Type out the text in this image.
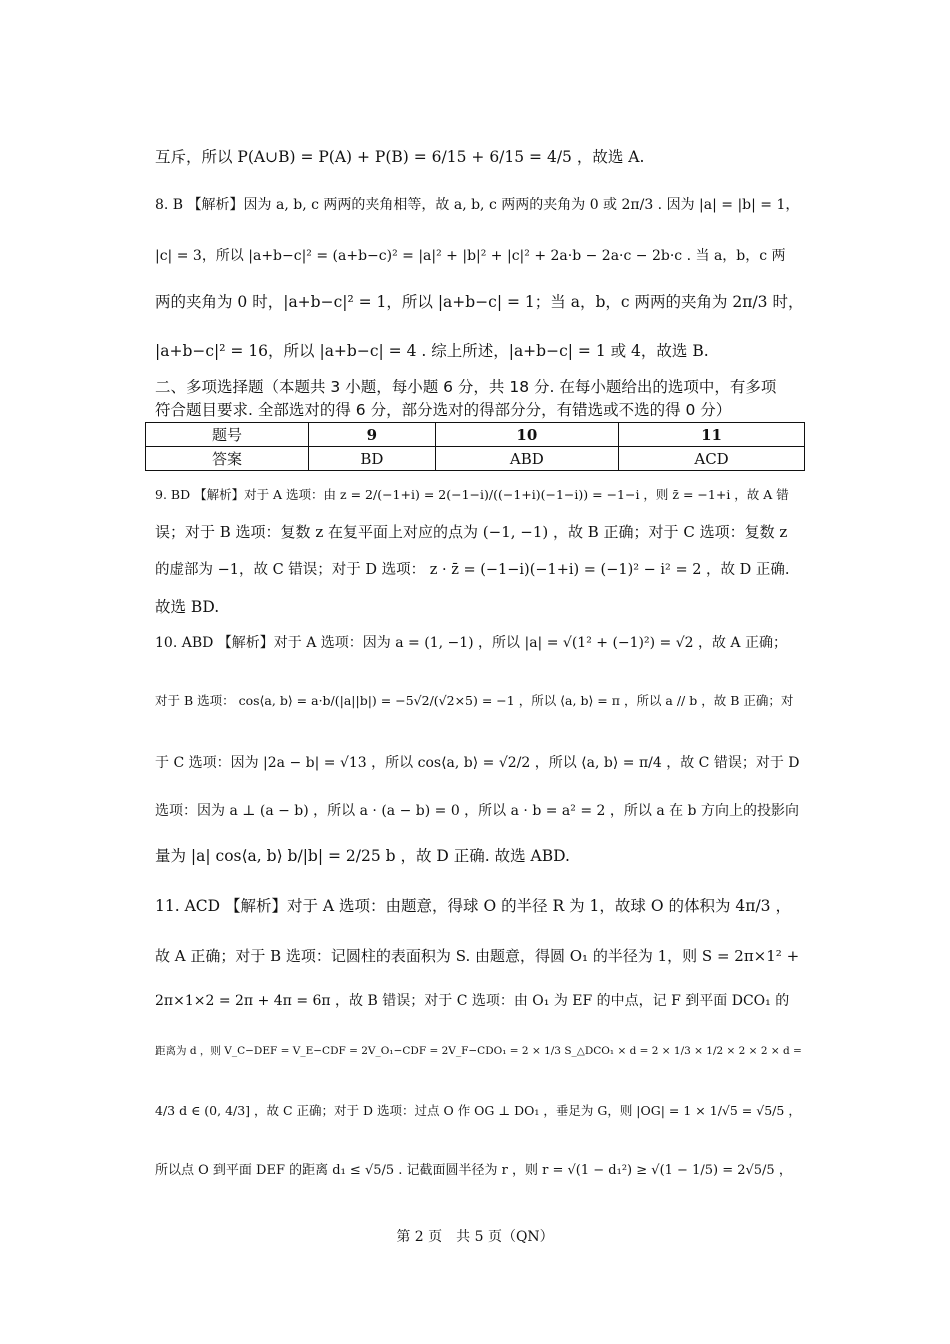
互斥，所以 P(A∪B) = P(A) + P(B) = 6/15 + 6/15 = 4/5 ，故选 A.
8. B 【解析】因为 a, b, c 两两的夹角相等，故 a, b, c 两两的夹角为 0 或 2π/3 . 因为 |a| = |b| = 1，
|c| = 3，所以 |a+b−c|² = (a+b−c)² = |a|² + |b|² + |c|² + 2a·b − 2a·c − 2b·c . 当 a，b，c 两
两的夹角为 0 时，|a+b−c|² = 1，所以 |a+b−c| = 1；当 a，b，c 两两的夹角为 2π/3 时，
|a+b−c|² = 16，所以 |a+b−c| = 4 . 综上所述，|a+b−c| = 1 或 4，故选 B.
二、多项选择题（本题共 3 小题，每小题 6 分，共 18 分. 在每小题给出的选项中，有多项
符合题目要求. 全部选对的得 6 分，部分选对的得部分分，有错选或不选的得 0 分）
题号	9	10	11
答案	BD	ABD	ACD
9. BD 【解析】对于 A 选项：由 z = 2/(−1+i) = 2(−1−i)/((−1+i)(−1−i)) = −1−i ，则 z̄ = −1+i ，故 A 错
误；对于 B 选项：复数 z 在复平面上对应的点为 (−1, −1) ，故 B 正确；对于 C 选项：复数 z
的虚部为 −1，故 C 错误；对于 D 选项： z · z̄ = (−1−i)(−1+i) = (−1)² − i² = 2 ，故 D 正确.
故选 BD.
10. ABD 【解析】对于 A 选项：因为 a = (1, −1) ，所以 |a| = √(1² + (−1)²) = √2 ，故 A 正确；
对于 B 选项： cos⟨a, b⟩ = a·b/(|a||b|) = −5√2/(√2×5) = −1 ，所以 ⟨a, b⟩ = π ，所以 a // b ，故 B 正确；对
于 C 选项：因为 |2a − b| = √13 ，所以 cos⟨a, b⟩ = √2/2 ，所以 ⟨a, b⟩ = π/4 ，故 C 错误；对于 D
选项：因为 a ⊥ (a − b) ，所以 a · (a − b) = 0 ，所以 a · b = a² = 2 ，所以 a 在 b 方向上的投影向
量为 |a| cos⟨a, b⟩ b/|b| = 2/25 b ，故 D 正确. 故选 ABD.
11. ACD 【解析】对于 A 选项：由题意，得球 O 的半径 R 为 1，故球 O 的体积为 4π/3 ，
故 A 正确；对于 B 选项：记圆柱的表面积为 S. 由题意，得圆 O₁ 的半径为 1，则 S = 2π×1² +
2π×1×2 = 2π + 4π = 6π ，故 B 错误；对于 C 选项：由 O₁ 为 EF 的中点，记 F 到平面 DCO₁ 的
距离为 d ，则 V_C−DEF = V_E−CDF = 2V_O₁−CDF = 2V_F−CDO₁ = 2 × 1/3 S_△DCO₁ × d = 2 × 1/3 × 1/2 × 2 × 2 × d =
4/3 d ∈ (0, 4/3] ，故 C 正确；对于 D 选项：过点 O 作 OG ⊥ DO₁ ，垂足为 G，则 |OG| = 1 × 1/√5 = √5/5 ，
所以点 O 到平面 DEF 的距离 d₁ ≤ √5/5 . 记截面圆半径为 r ，则 r = √(1 − d₁²) ≥ √(1 − 1/5) = 2√5/5 ，
第 2 页　共 5 页（QN）
